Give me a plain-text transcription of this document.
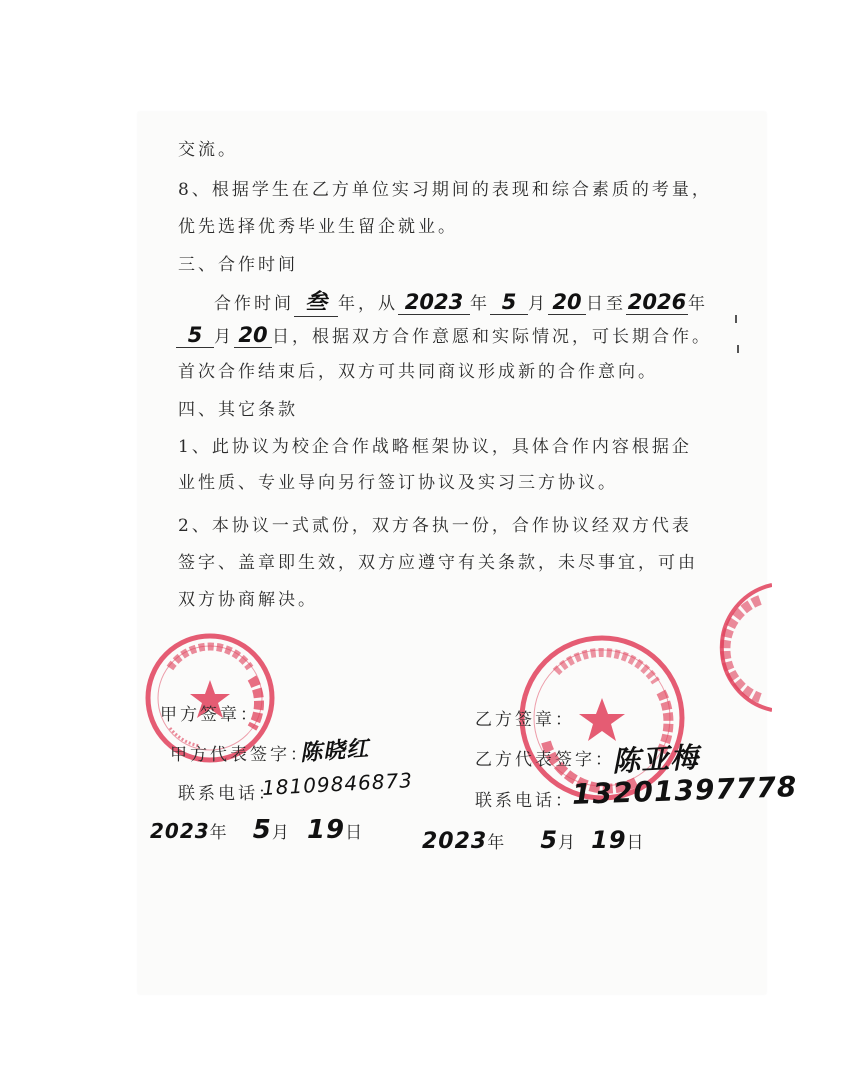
交流。
8、根据学生在乙方单位实习期间的表现和综合素质的考量，
优先选择优秀毕业生留企就业。
三、合作时间
合作时间 叁 年，从 2023 年 5 月 20 日至2026 年
5 月 20 日，根据双方合作意愿和实际情况，可长期合作。
首次合作结束后，双方可共同商议形成新的合作意向。
四、其它条款
1、此协议为校企合作战略框架协议，具体合作内容根据企
业性质、专业导向另行签订协议及实习三方协议。
2、本协议一式贰份，双方各执一份，合作协议经双方代表
签字、盖章即生效，双方应遵守有关条款，未尽事宜，可由
双方协商解决。
甲方签章：
甲方代表签字：
陈晓红
联系电话：
18109846873
2023年 5月 19日
乙方签章：
乙方代表签字：
陈亚梅
联系电话：
13201397778
2023年 5月 19日
